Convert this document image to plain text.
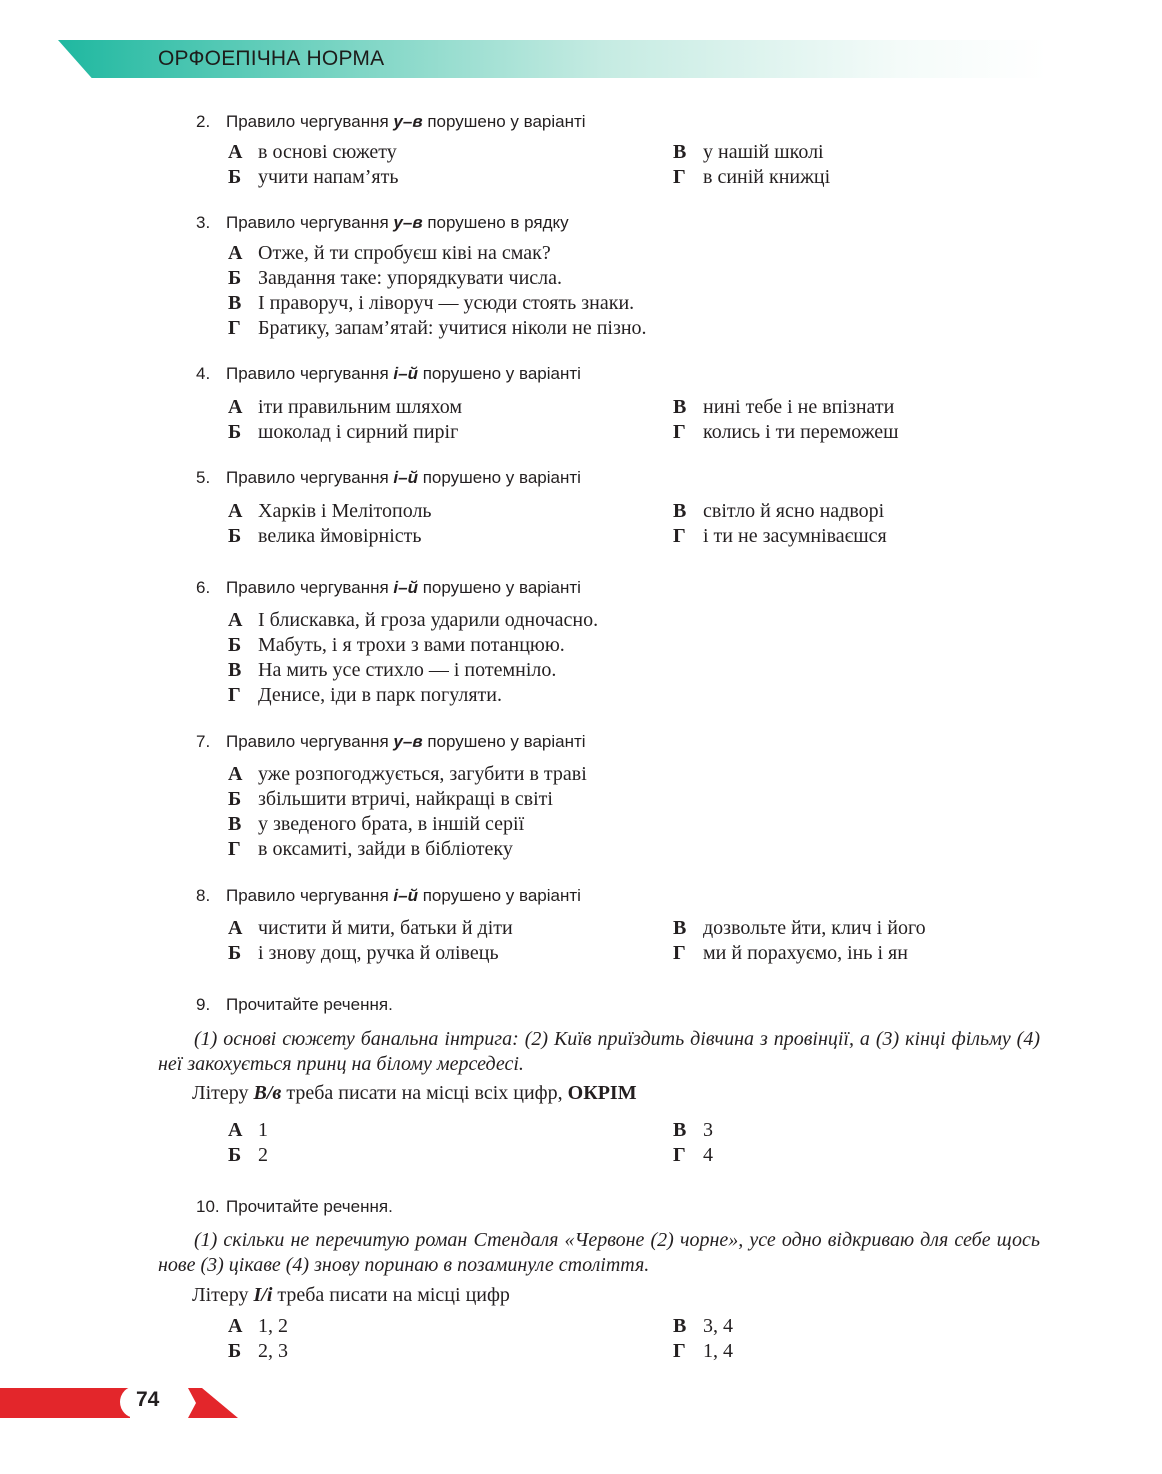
ОРФОЕПІЧНА НОРМА
2. Правило чергування у–в порушено у варіанті
А в основі сюжету
Б учити напам’ять
В у нашій школі
Г в синій книжці
3. Правило чергування у–в порушено в рядку
А Отже, й ти спробуєш ківі на смак?
Б Завдання таке: упорядкувати числа.
В І праворуч, і ліворуч — усюди стоять знаки.
Г Братику, запам’ятай: учитися ніколи не пізно.
4. Правило чергування і–й порушено у варіанті
А іти правильним шляхом
Б шоколад і сирний пиріг
В нині тебе і не впізнати
Г колись і ти переможеш
5. Правило чергування і–й порушено у варіанті
А Харків і Мелітополь
Б велика ймовірність
В світло й ясно надворі
Г і ти не засумніваєшся
6. Правило чергування і–й порушено у варіанті
А І блискавка, й гроза ударили одночасно.
Б Мабуть, і я трохи з вами потанцюю.
В На мить усе стихло — і потемніло.
Г Денисе, іди в парк погуляти.
7. Правило чергування у–в порушено у варіанті
А уже розпогоджується, загубити в траві
Б збільшити втричі, найкращі в світі
В у зведеного брата, в іншій серії
Г в оксамиті, зайди в бібліотеку
8. Правило чергування і–й порушено у варіанті
А чистити й мити, батьки й діти
Б і знову дощ, ручка й олівець
В дозвольте йти, клич і його
Г ми й порахуємо, інь і ян
9. Прочитайте речення.
(1) основі сюжету банальна інтрига: (2) Київ приїздить дівчина з провінції, а (3) кінці фільму (4) неї закохується принц на білому мерседесі.
Літеру В/в треба писати на місці всіх цифр, ОКРІМ
А 1
Б 2
В 3
Г 4
10. Прочитайте речення.
(1) скільки не перечитую роман Стендаля «Червоне (2) чорне», усе одно відкриваю для себе щось нове (3) цікаве (4) знову поринаю в позаминуле століття.
Літеру І/і треба писати на місці цифр
А 1, 2
Б 2, 3
В 3, 4
Г 1, 4
74
